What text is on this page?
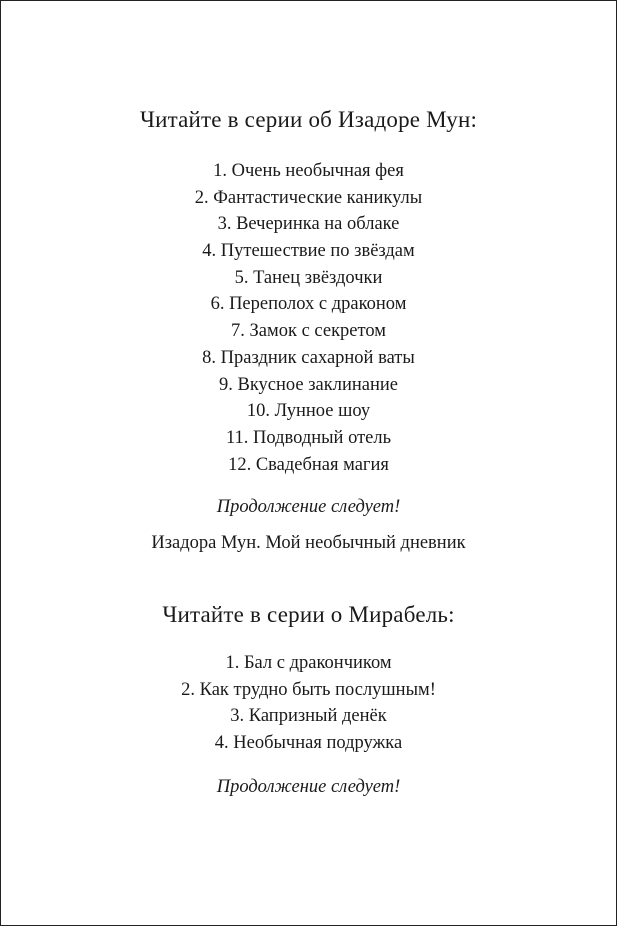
Читайте в серии об Изадоре Мун:
1. Очень необычная фея
2. Фантастические каникулы
3. Вечеринка на облаке
4. Путешествие по звёздам
5. Танец звёздочки
6. Переполох с драконом
7. Замок с секретом
8. Праздник сахарной ваты
9. Вкусное заклинание
10. Лунное шоу
11. Подводный отель
12. Свадебная магия

Продолжение следует!

Изадора Мун. Мой необычный дневник

Читайте в серии о Мирабель:
1. Бал с дракончиком
2. Как трудно быть послушным!
3. Капризный денёк
4. Необычная подружка

Продолжение следует!
